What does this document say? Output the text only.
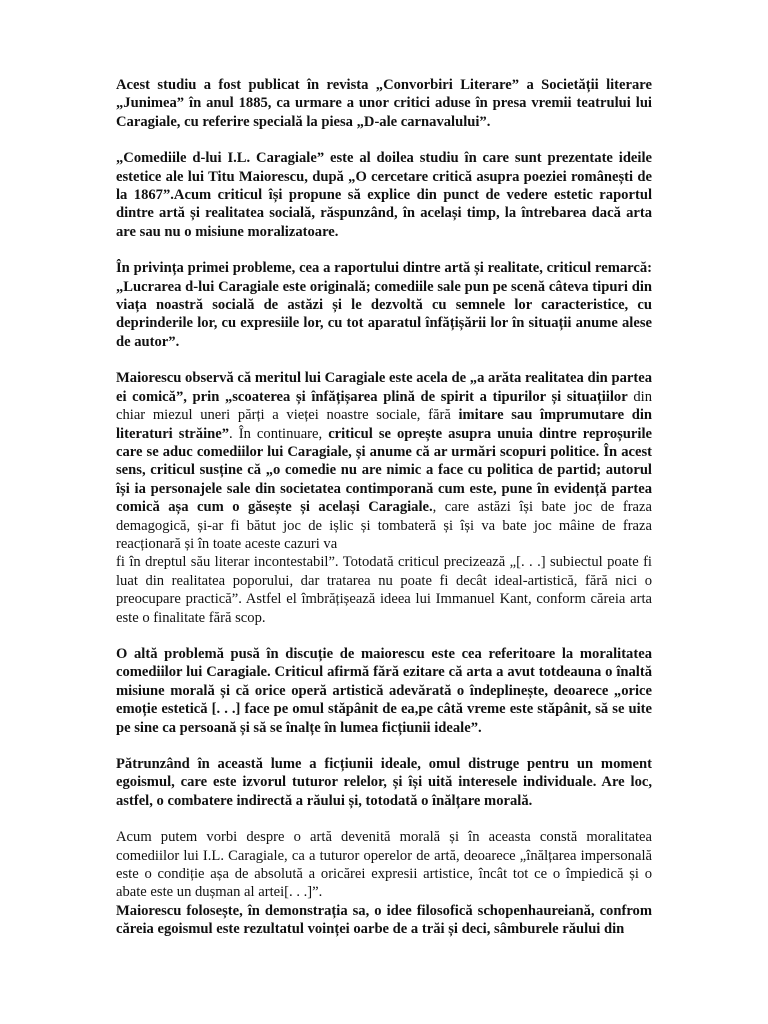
Acest studiu a fost publicat în revista „Convorbiri Literare” a Societății literare „Junimea” în anul 1885, ca urmare a unor critici aduse în presa vremii teatrului lui Caragiale, cu referire specială la piesa „D-ale carnavalului”.

„Comediile d-lui I.L. Caragiale” este al doilea studiu în care sunt prezentate ideile estetice ale lui Titu Maiorescu, după „O cercetare critică asupra poeziei românești de la 1867”.Acum criticul își propune să explice din punct de vedere estetic raportul dintre artă și realitatea socială, răspunzând, în același timp, la întrebarea dacă arta are sau nu o misiune moralizatoare.

În privința primei probleme, cea a raportului dintre artă și realitate, criticul remarcă: „Lucrarea d-lui Caragiale este originală; comediile sale pun pe scenă câteva tipuri din viața noastră socială de astăzi și le dezvoltă cu semnele lor caracteristice, cu deprinderile lor, cu expresiile lor, cu tot aparatul înfățișării lor în situații anume alese de autor”.

Maiorescu observă că meritul lui Caragiale este acela de „a arăta realitatea din partea ei comică”, prin „scoaterea și înfățișarea plină de spirit a tipurilor și situațiilor din chiar miezul uneri părți a vieței noastre sociale, fără imitare sau împrumutare din literaturi străine”. În continuare, criticul se oprește asupra unuia dintre reproșurile care se aduc comediilor lui Caragiale, și anume că ar urmări scopuri politice. În acest sens, criticul susține că „o comedie nu are nimic a face cu politica de partid; autorul își ia personajele sale din societatea contimporană cum este, pune în evidență partea comică așa cum o găsește și același Caragiale., care astăzi își bate joc de fraza demagogică, și-ar fi bătut joc de ișlic și tombateră și își va bate joc mâine de fraza reacționară și în toate aceste cazuri va

fi în dreptul său literar incontestabil”. Totodată criticul precizează „[. . .] subiectul poate fi luat din realitatea poporului, dar tratarea nu poate fi decât ideal-artistică, fără nici o preocupare practică”. Astfel el îmbrățișează ideea lui Immanuel Kant, conform căreia arta este o finalitate fără scop.

O altă problemă pusă în discuție de maiorescu este cea referitoare la moralitatea comediilor lui Caragiale. Criticul afirmă fără ezitare că arta a avut totdeauna o înaltă misiune morală și că orice operă artistică adevărată o îndeplinește, deoarece „orice emoție estetică [. . .] face pe omul stăpânit de ea,pe câtă vreme este stăpânit, să se uite pe sine ca persoană și să se înalțe în lumea ficțiunii ideale”.

Pătrunzând în această lume a ficțiunii ideale, omul distruge pentru un moment egoismul, care este izvorul tuturor relelor, și își uită interesele individuale. Are loc, astfel, o combatere indirectă a răului și, totodată o înălțare morală.

Acum putem vorbi despre o artă devenită morală și în aceasta constă moralitatea comediilor lui I.L. Caragiale, ca a tuturor operelor de artă, deoarece „înălțarea impersonală este o condiție așa de absolută a oricărei expresii artistice, încât tot ce o împiedică și o abate este un dușman al artei[. . .]”.

Maiorescu folosește, în demonstrația sa, o idee filosofică schopenhaureiană, confrom căreia egoismul este rezultatul voinței oarbe de a trăi și deci, sâmburele răului din
